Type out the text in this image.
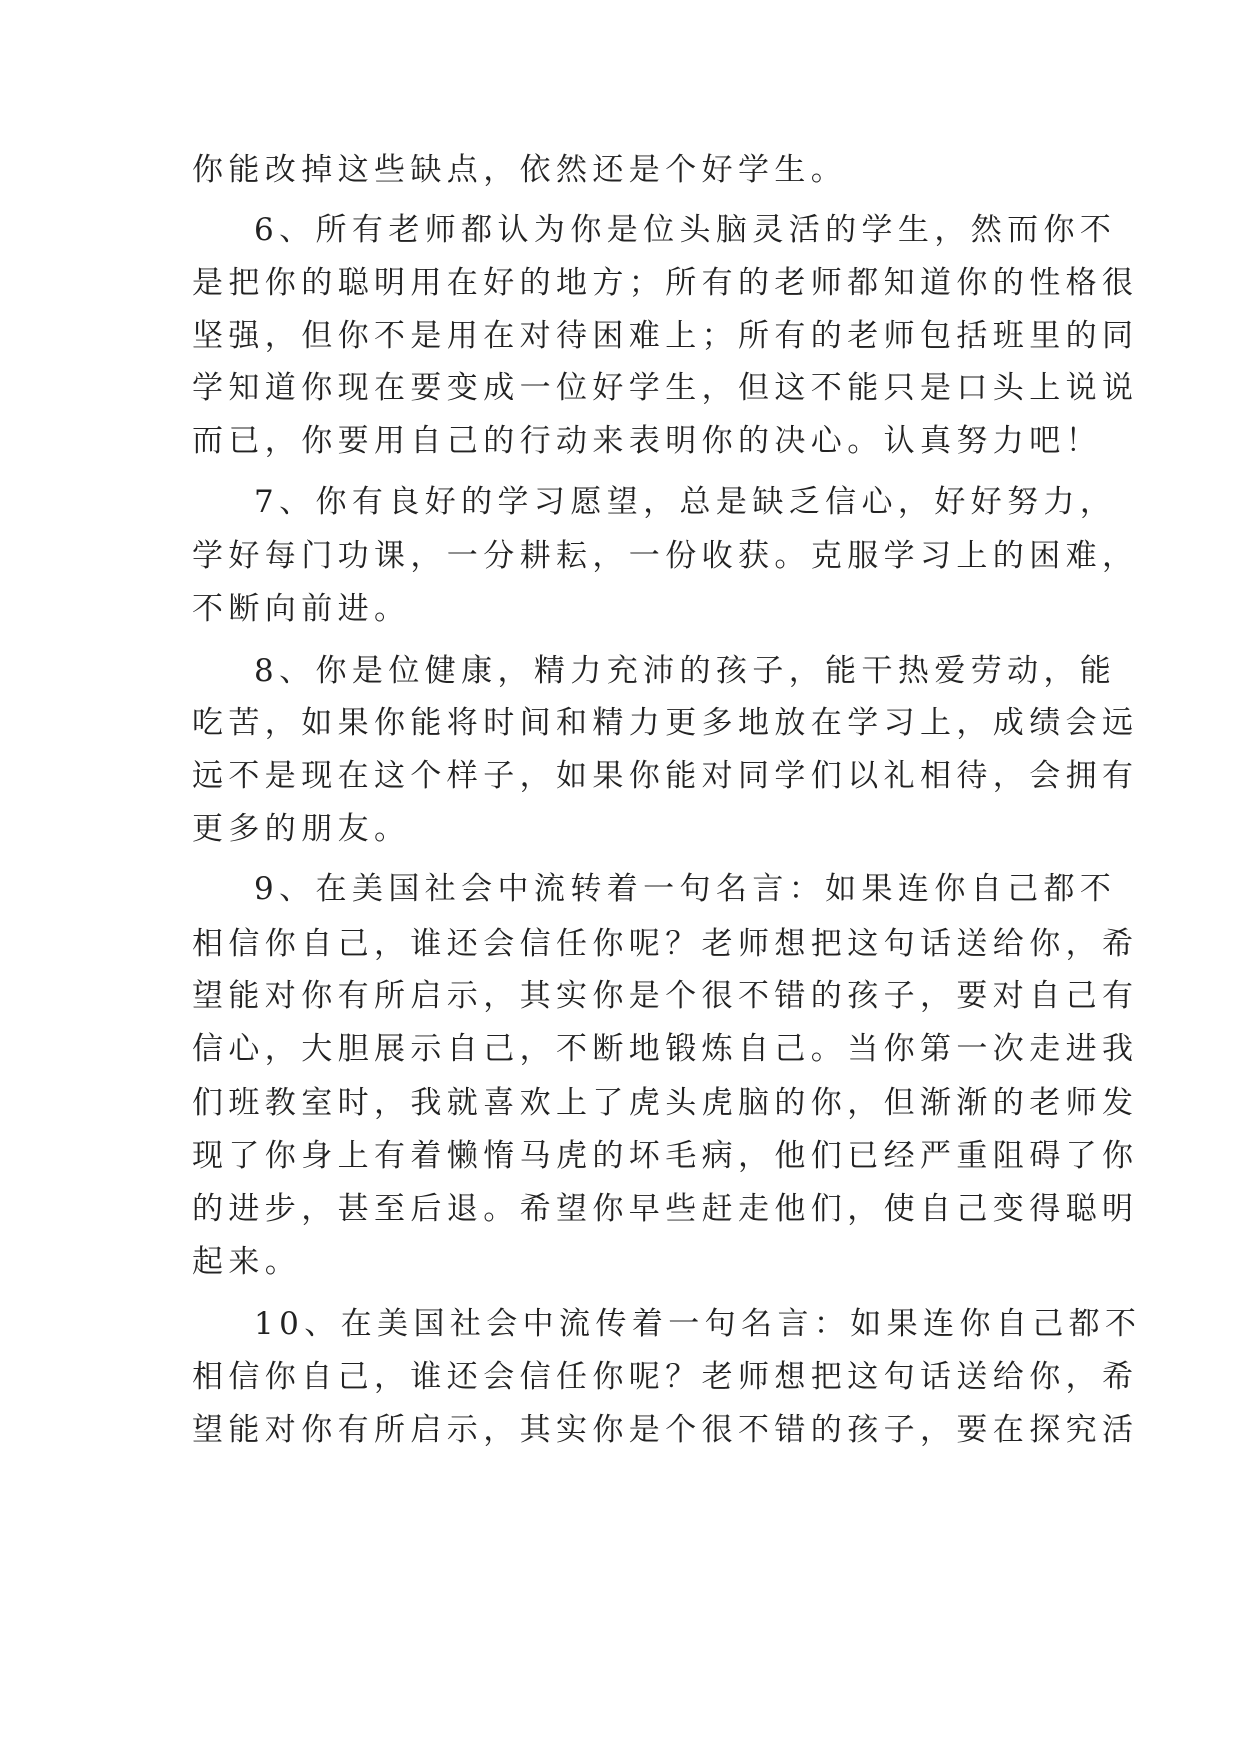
你能改掉这些缺点，依然还是个好学生。
6、所有老师都认为你是位头脑灵活的学生，然而你不
是把你的聪明用在好的地方；所有的老师都知道你的性格很
坚强，但你不是用在对待困难上；所有的老师包括班里的同
学知道你现在要变成一位好学生，但这不能只是口头上说说
而已，你要用自己的行动来表明你的决心。认真努力吧！
7、你有良好的学习愿望，总是缺乏信心，好好努力，
学好每门功课，一分耕耘，一份收获。克服学习上的困难，
不断向前进。
8、你是位健康，精力充沛的孩子，能干热爱劳动，能
吃苦，如果你能将时间和精力更多地放在学习上，成绩会远
远不是现在这个样子，如果你能对同学们以礼相待，会拥有
更多的朋友。
9、在美国社会中流转着一句名言：如果连你自己都不
相信你自己，谁还会信任你呢？老师想把这句话送给你，希
望能对你有所启示，其实你是个很不错的孩子，要对自己有
信心，大胆展示自己，不断地锻炼自己。当你第一次走进我
们班教室时，我就喜欢上了虎头虎脑的你，但渐渐的老师发
现了你身上有着懒惰马虎的坏毛病，他们已经严重阻碍了你
的进步，甚至后退。希望你早些赶走他们，使自己变得聪明
起来。
10、在美国社会中流传着一句名言：如果连你自己都不
相信你自己，谁还会信任你呢？老师想把这句话送给你，希
望能对你有所启示，其实你是个很不错的孩子，要在探究活
